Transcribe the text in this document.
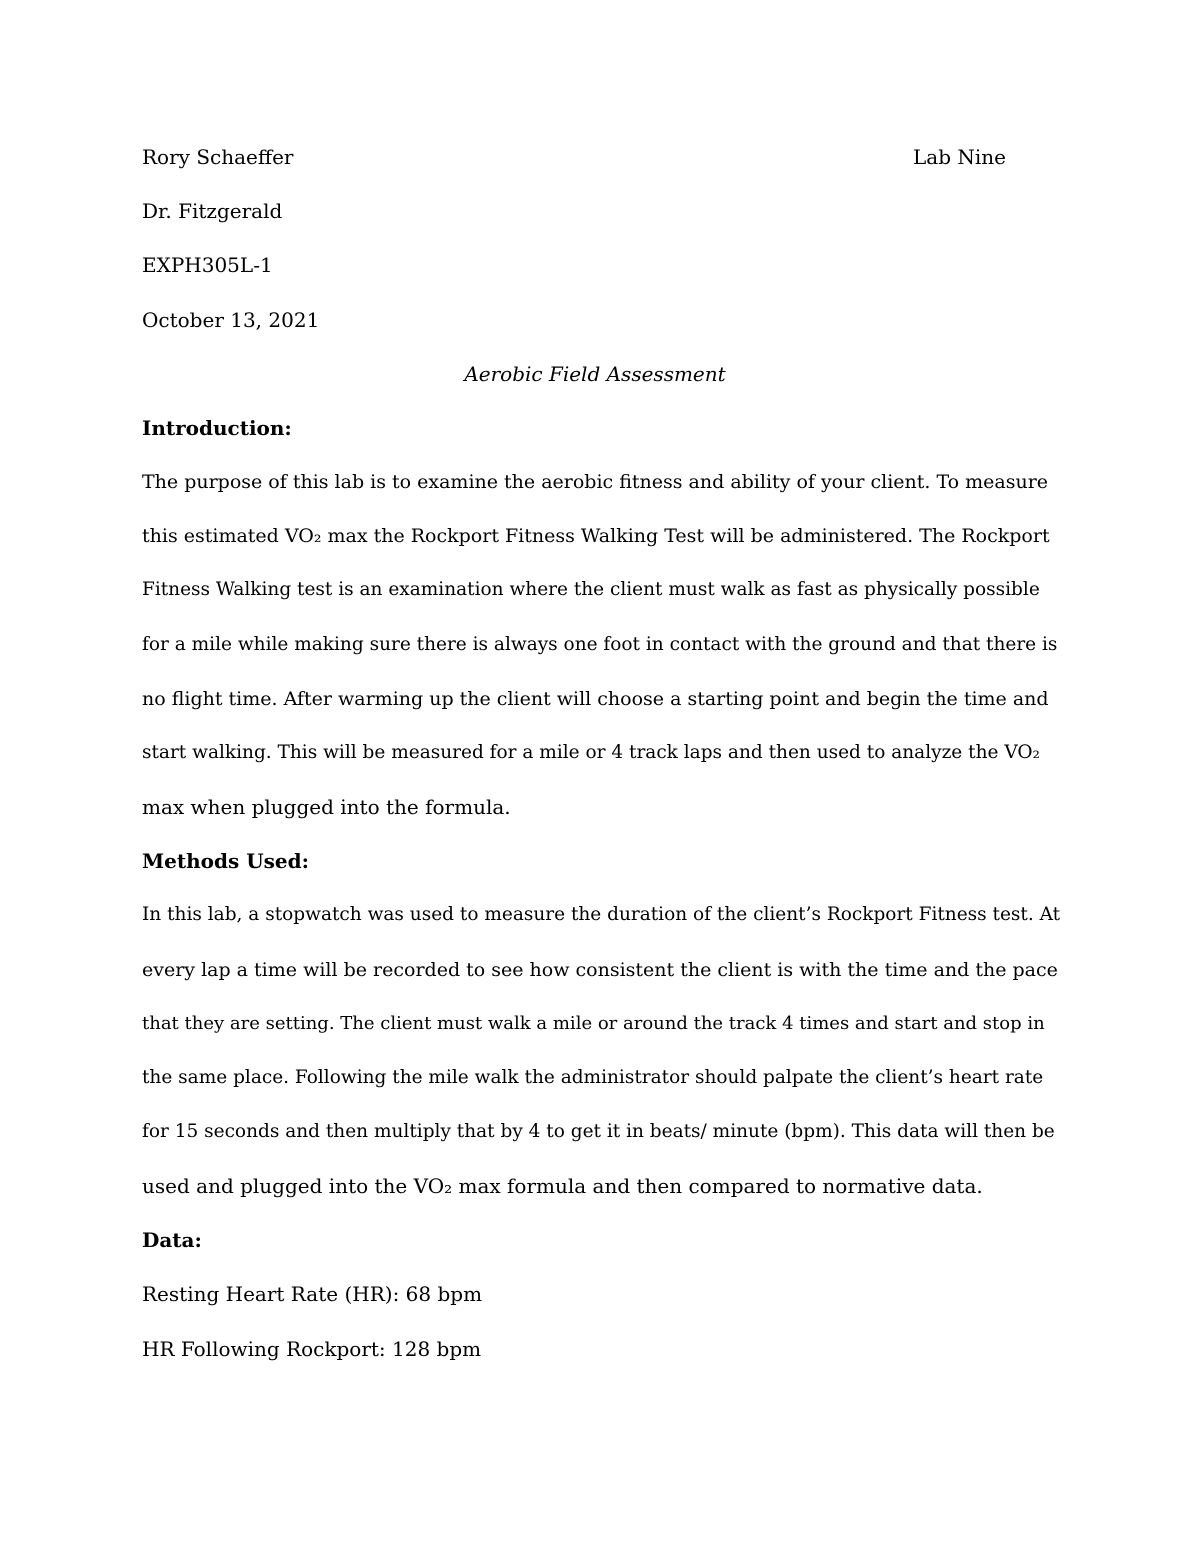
Rory Schaeffer	Lab Nine
Dr. Fitzgerald
EXPH305L-1
October 13, 2021
Aerobic Field Assessment
Introduction:
The purpose of this lab is to examine the aerobic fitness and ability of your client. To measure
this estimated VO₂ max the Rockport Fitness Walking Test will be administered. The Rockport
Fitness Walking test is an examination where the client must walk as fast as physically possible
for a mile while making sure there is always one foot in contact with the ground and that there is
no flight time. After warming up the client will choose a starting point and begin the time and
start walking. This will be measured for a mile or 4 track laps and then used to analyze the VO₂
max when plugged into the formula.
Methods Used:
In this lab, a stopwatch was used to measure the duration of the client’s Rockport Fitness test. At
every lap a time will be recorded to see how consistent the client is with the time and the pace
that they are setting. The client must walk a mile or around the track 4 times and start and stop in
the same place. Following the mile walk the administrator should palpate the client’s heart rate
for 15 seconds and then multiply that by 4 to get it in beats/ minute (bpm). This data will then be
used and plugged into the VO₂ max formula and then compared to normative data.
Data:
Resting Heart Rate (HR): 68 bpm
HR Following Rockport: 128 bpm
